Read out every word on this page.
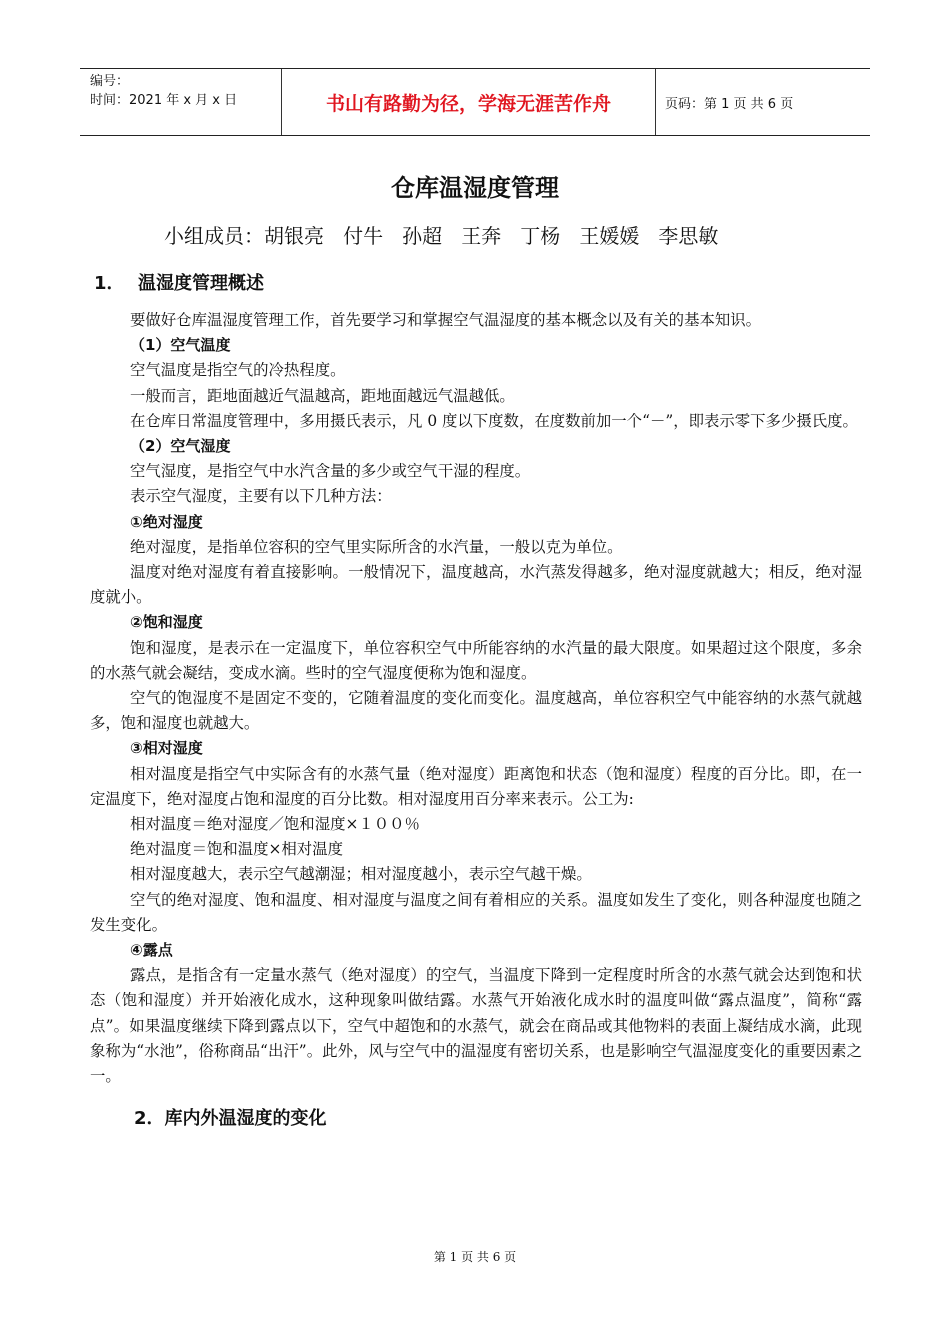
编号：
时间：2021 年 x 月 x 日	书山有路勤为径，学海无涯苦作舟	页码：第 1 页 共 6 页
仓库温湿度管理
小组成员：胡银亮   付牛   孙超   王奔   丁杨   王媛媛   李思敏
1． 温湿度管理概述

要做好仓库温湿度管理工作，首先要学习和掌握空气温湿度的基本概念以及有关的基本知识。

（1）空气温度

空气温度是指空气的冷热程度。

一般而言，距地面越近气温越高，距地面越远气温越低。

在仓库日常温度管理中，多用摄氏表示，凡 0 度以下度数，在度数前加一个“－”，即表示零下多少摄氏度。

（2）空气湿度

空气湿度，是指空气中水汽含量的多少或空气干湿的程度。

表示空气湿度，主要有以下几种方法：

①绝对湿度

绝对湿度，是指单位容积的空气里实际所含的水汽量，一般以克为单位。

温度对绝对湿度有着直接影响。一般情况下，温度越高，水汽蒸发得越多，绝对湿度就越大；相反，绝对湿度就小。

②饱和湿度

饱和湿度，是表示在一定温度下，单位容积空气中所能容纳的水汽量的最大限度。如果超过这个限度，多余的水蒸气就会凝结，变成水滴。些时的空气湿度便称为饱和湿度。

空气的饱湿度不是固定不变的，它随着温度的变化而变化。温度越高，单位容积空气中能容纳的水蒸气就越多，饱和湿度也就越大。

③相对湿度

相对温度是指空气中实际含有的水蒸气量（绝对湿度）距离饱和状态（饱和湿度）程度的百分比。即，在一定温度下，绝对湿度占饱和湿度的百分比数。相对湿度用百分率来表示。公工为:

相对温度＝绝对湿度／饱和湿度×１００％

绝对温度＝饱和温度×相对温度

相对湿度越大，表示空气越潮湿；相对湿度越小，表示空气越干燥。

空气的绝对湿度、饱和温度、相对湿度与温度之间有着相应的关系。温度如发生了变化，则各种湿度也随之发生变化。

④露点

露点，是指含有一定量水蒸气（绝对湿度）的空气，当温度下降到一定程度时所含的水蒸气就会达到饱和状态（饱和湿度）并开始液化成水，这种现象叫做结露。水蒸气开始液化成水时的温度叫做“露点温度”，简称“露点”。如果温度继续下降到露点以下，空气中超饱和的水蒸气，就会在商品或其他物料的表面上凝结成水滴，此现象称为“水池”，俗称商品“出汗”。此外，风与空气中的温湿度有密切关系，也是影响空气温湿度变化的重要因素之一。

2．库内外温湿度的变化
第 1 页 共 6 页
